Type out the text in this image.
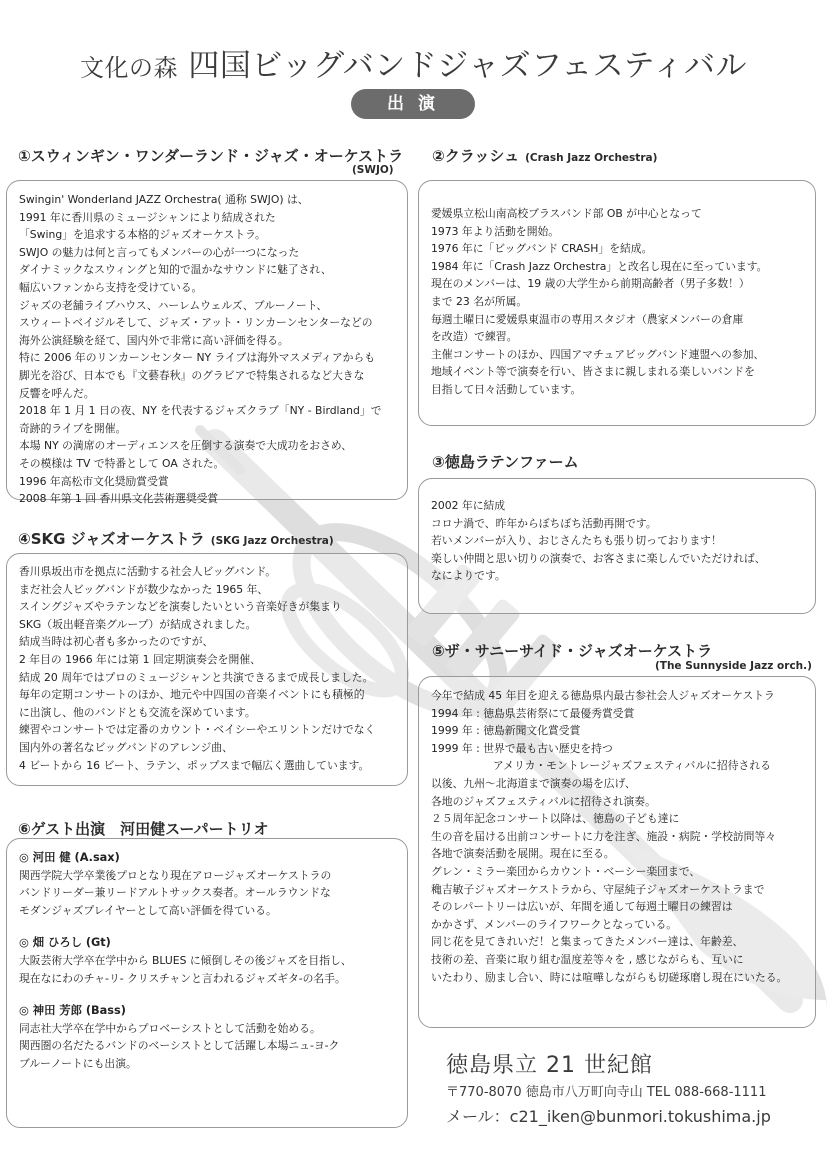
文化の森 四国ビッグバンドジャズフェスティバル
出 演
①スウィンギン・ワンダーランド・ジャズ・オーケストラ
(SWJO)

Swingin' Wonderland JAZZ Orchestra( 通称 SWJO) は、

1991 年に香川県のミュージシャンにより結成された

「Swing」を追求する本格的ジャズオーケストラ。

SWJO の魅力は何と言ってもメンバーの心が一つになった

ダイナミックなスウィングと知的で温かなサウンドに魅了され、

幅広いファンから支持を受けている。

ジャズの老舗ライブハウス、ハーレムウェルズ、ブルーノート、

スウィートベイジルそして、ジャズ・アット・リンカーンセンターなどの

海外公演経験を経て、国内外で非常に高い評価を得る。

特に 2006 年のリンカーンセンター NY ライブは海外マスメディアからも

脚光を浴び、日本でも『文藝春秋』のグラビアで特集されるなど大きな

反響を呼んだ。

2018 年 1 月 1 日の夜、NY を代表するジャズクラブ「NY - Birdland」で

奇跡的ライブを開催。

本場 NY の満席のオーディエンスを圧倒する演奏で大成功をおさめ、

その模様は TV で特番として OA された。

1996 年高松市文化奨励賞受賞

2008 年第 1 回 香川県文化芸術選奨受賞

②クラッシュ (Crash Jazz Orchestra)

愛媛県立松山南高校ブラスバンド部 OB が中心となって

1973 年より活動を開始。

1976 年に「ビッグバンド CRASH」を結成。

1984 年に「Crash Jazz Orchestra」と改名し現在に至っています。

現在のメンバーは、19 歳の大学生から前期高齢者（男子多数！）

まで 23 名が所属。

毎週土曜日に愛媛県東温市の専用スタジオ（農家メンバーの倉庫

を改造）で練習。

主催コンサートのほか、四国アマチュアビッグバンド連盟への参加、

地域イベント等で演奏を行い、皆さまに親しまれる楽しいバンドを

目指して日々活動しています。

③徳島ラテンファーム

2002 年に結成

コロナ渦で、昨年からぼちぼち活動再開です。

若いメンバーが入り、おじさんたちも張り切っております！

楽しい仲間と思い切りの演奏で、お客さまに楽しんでいただければ、

なによりです。

④SKG ジャズオーケストラ (SKG Jazz Orchestra)

香川県坂出市を拠点に活動する社会人ビッグバンド。

まだ社会人ビッグバンドが数少なかった 1965 年、

スイングジャズやラテンなどを演奏したいという音楽好きが集まり

SKG（坂出軽音楽グループ）が結成されました。

結成当時は初心者も多かったのですが、

2 年目の 1966 年には第 1 回定期演奏会を開催、

結成 20 周年ではプロのミュージシャンと共演できるまで成長しました。

毎年の定期コンサートのほか、地元や中四国の音楽イベントにも積極的

に出演し、他のバンドとも交流を深めています。

練習やコンサートでは定番のカウント・ベイシーやエリントンだけでなく

国内外の著名なビッグバンドのアレンジ曲、

4 ビートから 16 ビート、ラテン、ポップスまで幅広く選曲しています。

⑤ザ・サニーサイド・ジャズオーケストラ
(The Sunnyside Jazz orch.)

今年で結成 45 年目を迎える徳島県内最古参社会人ジャズオーケストラ

1994 年 : 徳島県芸術祭にて最優秀賞受賞

1999 年 : 徳島新聞文化賞受賞

1999 年 : 世界で最も古い歴史を持つ

アメリカ・モントレージャズフェスティバルに招待される

以後、九州～北海道まで演奏の場を広げ、

各地のジャズフェスティバルに招待され演奏。

２５周年記念コンサート以降は、徳島の子ども達に

生の音を届ける出前コンサートに力を注ぎ、施設・病院・学校訪問等々

各地で演奏活動を展開。現在に至る。

グレン・ミラー楽団からカウント・ベーシー楽団まで、

穐吉敏子ジャズオーケストラから、守屋純子ジャズオーケストラまで

そのレパートリーは広いが、年間を通して毎週土曜日の練習は

かかさず、メンバーのライフワークとなっている。

同じ花を見てきれいだ！と集まってきたメンバー達は、年齢差、

技術の差、音楽に取り組む温度差等々を , 感じながらも、互いに

いたわり、励まし合い、時には喧嘩しながらも切磋琢磨し現在にいたる。

⑥ゲスト出演　河田健スーパートリオ

◎ 河田 健 (A.sax)

関西学院大学卒業後プロとなり現在アロージャズオーケストラの

バンドリーダー兼リードアルトサックス奏者。オールラウンドな

モダンジャズプレイヤーとして高い評価を得ている。

◎ 畑 ひろし (Gt)

大阪芸術大学卒在学中から BLUES に傾倒しその後ジャズを目指し、

現在なにわのチャ-リ- クリスチャンと言われるジャズギタ-の名手。

◎ 神田 芳郎 (Bass)

同志社大学卒在学中からプロベーシストとして活動を始める。

関西圏の名だたるバンドのベーシストとして活躍し本場ニュ-ヨ-ク

ブルーノートにも出演。	徳島県立 21 世紀館
〒770-8070 徳島市八万町向寺山 TEL 088-668-1111
メール：c21_iken@bunmori.tokushima.jp
